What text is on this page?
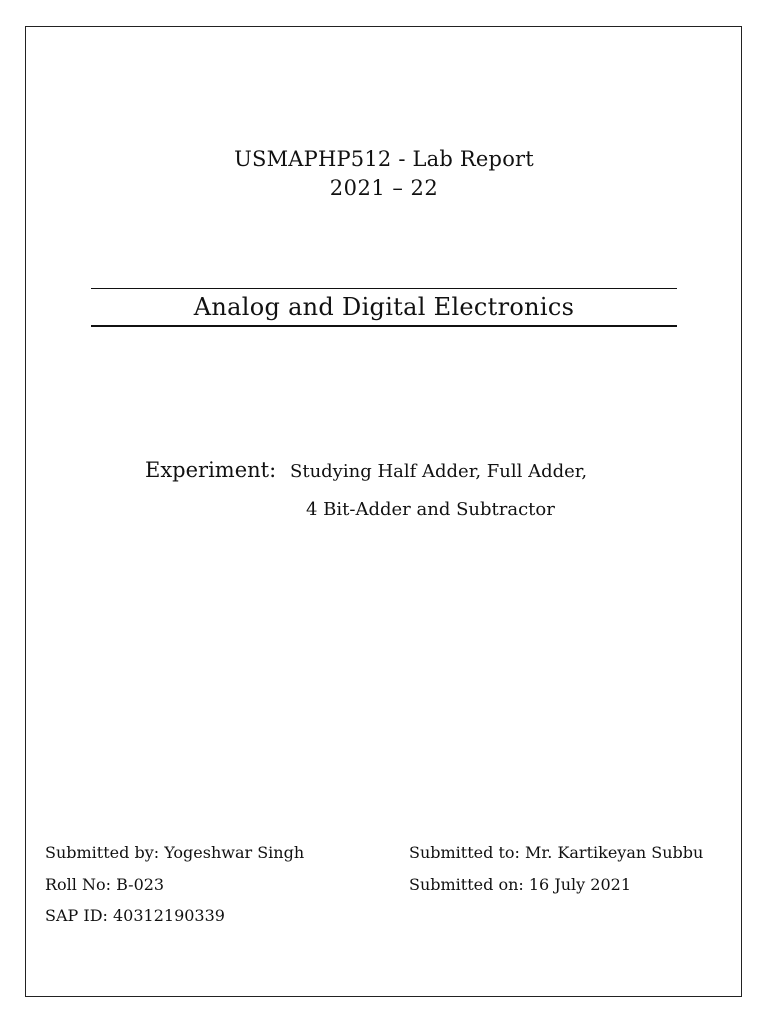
USMAPHP512 - Lab Report
2021 – 22
Analog and Digital Electronics
Experiment: Studying Half Adder, Full Adder,
4 Bit-Adder and Subtractor
Submitted by: Yogeshwar Singh
Roll No: B-023
SAP ID: 40312190339
Submitted to: Mr. Kartikeyan Subbu
Submitted on: 16 July 2021
